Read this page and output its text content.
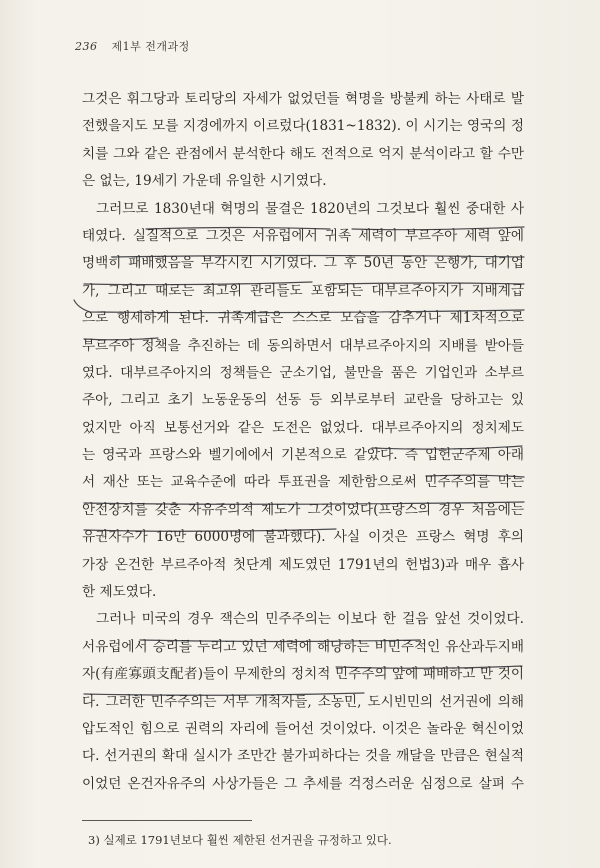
236 제1부 전개과정
그것은 휘그당과 토리당의 자세가 없었던들 혁명을 방불케 하는 사태로 발
전했을지도 모를 지경에까지 이르렀다(1831~1832). 이 시기는 영국의 정
치를 그와 같은 관점에서 분석한다 해도 전적으로 억지 분석이라고 할 수만
은 없는, 19세기 가운데 유일한 시기였다.
그러므로 1830년대 혁명의 물결은 1820년의 그것보다 훨씬 중대한 사
태였다. 실질적으로 그것은 서유럽에서 귀족 세력이 부르주아 세력 앞에
명백히 패배했음을 부각시킨 시기였다. 그 후 50년 동안 은행가, 대기업
가, 그리고 때로는 최고위 관리들도 포함되는 대부르주아지가 지배계급
으로 행세하게 된다. 귀족계급은 스스로 모습을 감추거나 제1차적으로
부르주아 정책을 추진하는 데 동의하면서 대부르주아지의 지배를 받아들
였다. 대부르주아지의 정책들은 군소기업, 불만을 품은 기업인과 소부르
주아, 그리고 초기 노동운동의 선동 등 외부로부터 교란을 당하고는 있
었지만 아직 보통선거와 같은 도전은 없었다. 대부르주아지의 정치제도
는 영국과 프랑스와 벨기에에서 기본적으로 같았다. 즉 입헌군주제 아래
서 재산 또는 교육수준에 따라 투표권을 제한함으로써 민주주의를 막는
안전장치를 갖춘 자유주의적 제도가 그것이었다(프랑스의 경우 처음에는
유권자수가 16만 6000명에 불과했다). 사실 이것은 프랑스 혁명 후의
가장 온건한 부르주아적 첫단계 제도였던 1791년의 헌법3)과 매우 흡사
한 제도였다.
그러나 미국의 경우 잭슨의 민주주의는 이보다 한 걸음 앞선 것이었다.
서유럽에서 승리를 누리고 있던 세력에 해당하는 비민주적인 유산과두지배
자(有産寡頭支配者)들이 무제한의 정치적 민주주의 앞에 패배하고 만 것이
다. 그러한 민주주의는 서부 개척자들, 소농민, 도시빈민의 선거권에 의해
압도적인 힘으로 권력의 자리에 들어선 것이었다. 이것은 놀라운 혁신이었
다. 선거권의 확대 실시가 조만간 불가피하다는 것을 깨달을 만큼은 현실적
이었던 온건자유주의 사상가들은 그 추세를 걱정스러운 심정으로 살펴 수
3) 실제로 1791년보다 훨씬 제한된 선거권을 규정하고 있다.
